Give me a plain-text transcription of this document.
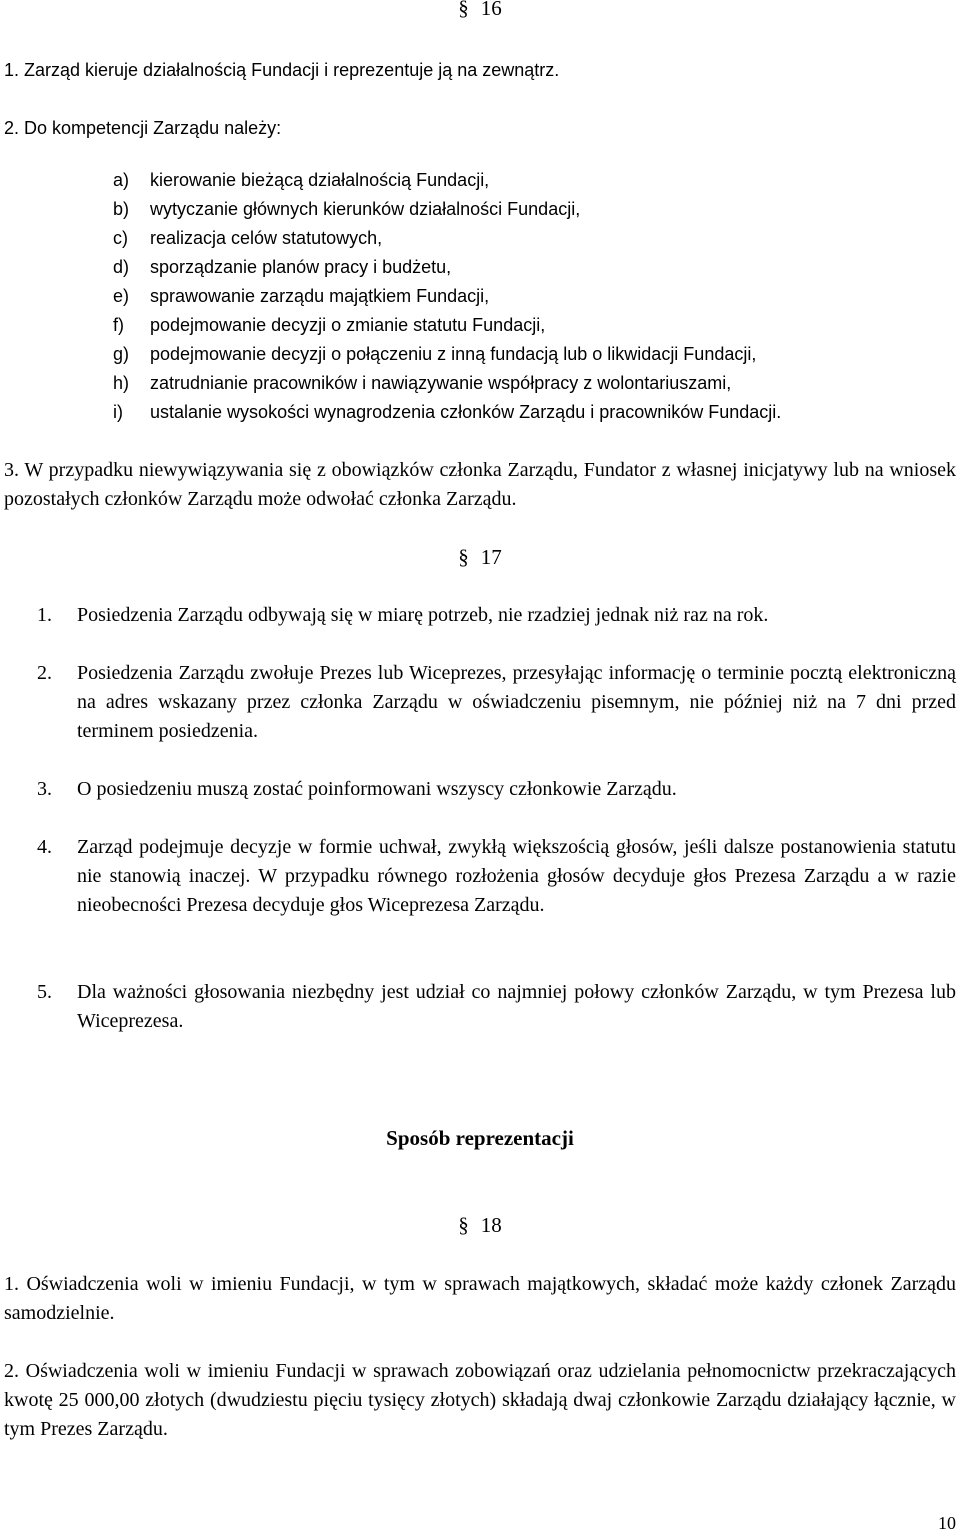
§ 16
1. Zarząd kieruje działalnością Fundacji i reprezentuje ją na zewnątrz.
2. Do kompetencji Zarządu należy:
a) kierowanie bieżącą działalnością Fundacji,
b) wytyczanie głównych kierunków działalności Fundacji,
c) realizacja celów statutowych,
d) sporządzanie planów pracy i budżetu,
e) sprawowanie zarządu majątkiem Fundacji,
f) podejmowanie decyzji o zmianie statutu Fundacji,
g) podejmowanie decyzji o połączeniu z inną fundacją lub o likwidacji Fundacji,
h) zatrudnianie pracowników i nawiązywanie współpracy z wolontariuszami,
i) ustalanie wysokości wynagrodzenia członków Zarządu i pracowników Fundacji.
3. W przypadku niewywiązywania się z obowiązków członka Zarządu, Fundator z własnej inicjatywy lub na wniosek pozostałych członków Zarządu może odwołać członka Zarządu.
§ 17
1. Posiedzenia Zarządu odbywają się w miarę potrzeb, nie rzadziej jednak niż raz na rok.
2. Posiedzenia Zarządu zwołuje Prezes lub Wiceprezes, przesyłając informację o terminie pocztą elektroniczną na adres wskazany przez członka Zarządu w oświadczeniu pisemnym, nie później niż na 7 dni przed terminem posiedzenia.
3. O posiedzeniu muszą zostać poinformowani wszyscy członkowie Zarządu.
4. Zarząd podejmuje decyzje w formie uchwał, zwykłą większością głosów, jeśli dalsze postanowienia statutu nie stanowią inaczej. W przypadku równego rozłożenia głosów decyduje głos Prezesa Zarządu a w razie nieobecności Prezesa decyduje głos Wiceprezesa Zarządu.
5. Dla ważności głosowania niezbędny jest udział co najmniej połowy członków Zarządu, w tym Prezesa lub Wiceprezesa.
Sposób reprezentacji
§ 18
1. Oświadczenia woli w imieniu Fundacji, w tym w sprawach majątkowych, składać może każdy członek Zarządu samodzielnie.
2. Oświadczenia woli w imieniu Fundacji w sprawach zobowiązań oraz udzielania pełnomocnictw przekraczających kwotę 25 000,00 złotych (dwudziestu pięciu tysięcy złotych) składają dwaj członkowie Zarządu działający łącznie, w tym Prezes Zarządu.
10
